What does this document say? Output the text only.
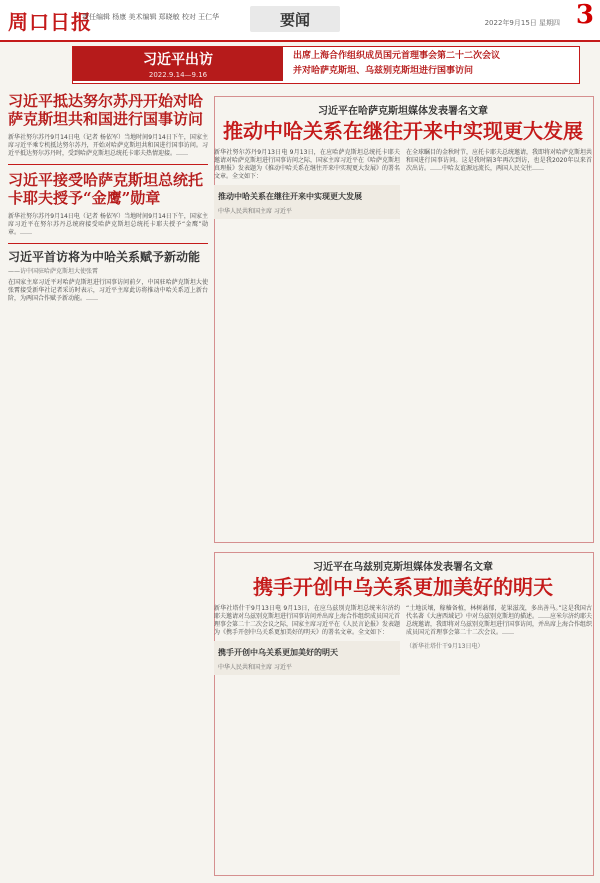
周口日报
责任编辑 杨康 美术编辑 郑晓敏 校对 王仁华	要闻	2022年9月15日 星期四 3
习近平出访
2022.9.14—9.16
出席上海合作组织成员国元首理事会第二十二次会议
并对哈萨克斯坦、乌兹别克斯坦进行国事访问
习近平抵达努尔苏丹开始对哈萨克斯坦共和国进行国事访问
新华社努尔苏丹9月14日电（记者 杨依军）当地时间9月14日下午，国家主席习近平乘专机抵达努尔苏丹，开始对哈萨克斯坦共和国进行国事访问。习近平抵达努尔苏丹时，受到哈萨克斯坦总统托卡耶夫热情迎接。……
习近平接受哈萨克斯坦总统托卡耶夫授予“金鹰”勋章
新华社努尔苏丹9月14日电（记者 杨依军）当地时间9月14日下午，国家主席习近平在努尔苏丹总统府接受哈萨克斯坦总统托卡耶夫授予“金鹰”勋章。……
习近平首访将为中哈关系赋予新动能
——访中国驻哈萨克斯坦大使张霄
在国家主席习近平对哈萨克斯坦进行国事访问前夕，中国驻哈萨克斯坦大使张霄接受新华社记者采访时表示，习近平主席此访将推动中哈关系迈上新台阶，为两国合作赋予新动能。……
习近平在哈萨克斯坦媒体发表署名文章
推动中哈关系在继往开来中实现更大发展
新华社努尔苏丹9月13日电 9月13日，在应哈萨克斯坦总统托卡耶夫邀请对哈萨克斯坦进行国事访问之际，国家主席习近平在《哈萨克斯坦真理报》发表题为《推动中哈关系在继往开来中实现更大发展》的署名文章。全文如下：
推动中哈关系在继往开来中实现更大发展
中华人民共和国主席 习近平
在全球瞩目的金秋时节，应托卡耶夫总统邀请，我即将对哈萨克斯坦共和国进行国事访问。这是我时隔3年再次到访，也是我2020年以来首次出访。……中哈友谊源远流长，两国人民交往……
习近平在乌兹别克斯坦媒体发表署名文章
携手开创中乌关系更加美好的明天
新华社塔什干9月13日电 9月13日，在应乌兹别克斯坦总统米尔济约耶夫邀请对乌兹别克斯坦进行国事访问并出席上海合作组织成员国元首理事会第二十二次会议之际，国家主席习近平在《人民言论报》发表题为《携手开创中乌关系更加美好的明天》的署名文章。全文如下：
携手开创中乌关系更加美好的明天
中华人民共和国主席 习近平
“土地沃壤，稼穑备植，林树蓊郁，花果滋茂，多出善马。”这是我国古代名著《大唐西域记》中对乌兹别克斯坦的描述。……应米尔济约耶夫总统邀请，我即将对乌兹别克斯坦进行国事访问，并出席上海合作组织成员国元首理事会第二十二次会议。……
（新华社塔什干9月13日电）
